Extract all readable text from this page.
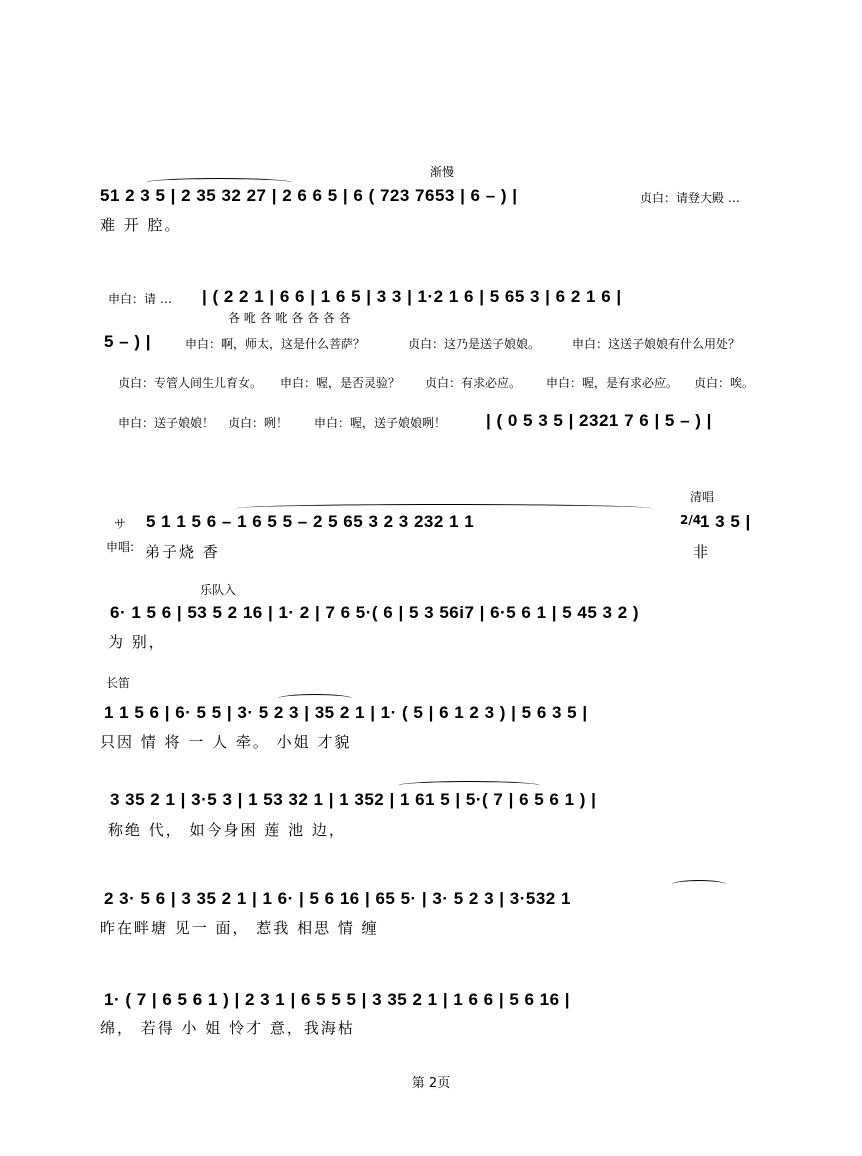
渐慢
51 2 3 5 | 2 35 32 27 | 2 6 6 5 | 6 ( 723 7653 | 6 – ) |
难 开 腔。
贞白：请登大殿 …
申白：请 … | ( 2 2 1 | 6 6 | 1 6 5 | 3 3 | 1·2 1 6 | 5 65 3 | 6 2 1 6 |
各 吪 各 吪 各 各 各 各
5 – ) |	申白：啊，师太，这是什么菩萨？	贞白：这乃是送子娘娘。	申白：这送子娘娘有什么用处？
贞白：专管人间生儿育女。 申白：喔，是否灵验？ 贞白：有求必应。 申白：喔，是有求必应。 贞白：唉。
申白：送子娘娘！ 贞白：咧！ 申白：喔，送子娘娘咧！ | ( 0 5 3 5 | 2321 7 6 | 5 – ) |
清唱
サ 5 1 1 5 6 – 1 6 5 5 – 2 5 65 3 2 3 232 1 1	2/4
1 3 5 |
申唱: 弟子烧 香	非
乐队入
6· 1 5 6 | 53 5 2 16 | 1· 2 | 7 6 5·( 6 | 5 3 56i7 | 6·5 6 1 | 5 45 3 2 )
为 别，
长笛
1 1 5 6 | 6· 5 5 | 3· 5 2 3 | 35 2 1 | 1· ( 5 | 6 1 2 3 ) | 5 6 3 5 |
只因 情 将 一 人 牵。 小姐 才貌
3 35 2 1 | 3·5 3 | 1 53 32 1 | 1 352 | 1 61 5 | 5·( 7 | 6 5 6 1 ) |
称绝 代， 如今身困 莲 池 边，
2 3· 5 6 | 3 35 2 1 | 1 6· | 5 6 16 | 65 5· | 3· 5 2 3 | 3·532 1
昨在畔塘 见一 面， 惹我 相思 情 缠
1· ( 7 | 6 5 6 1 ) | 2 3 1 | 6 5 5 5 | 3 35 2 1 | 1 6 6 | 5 6 16 |
绵， 若得 小 姐 怜才 意，我海枯
第 2页
